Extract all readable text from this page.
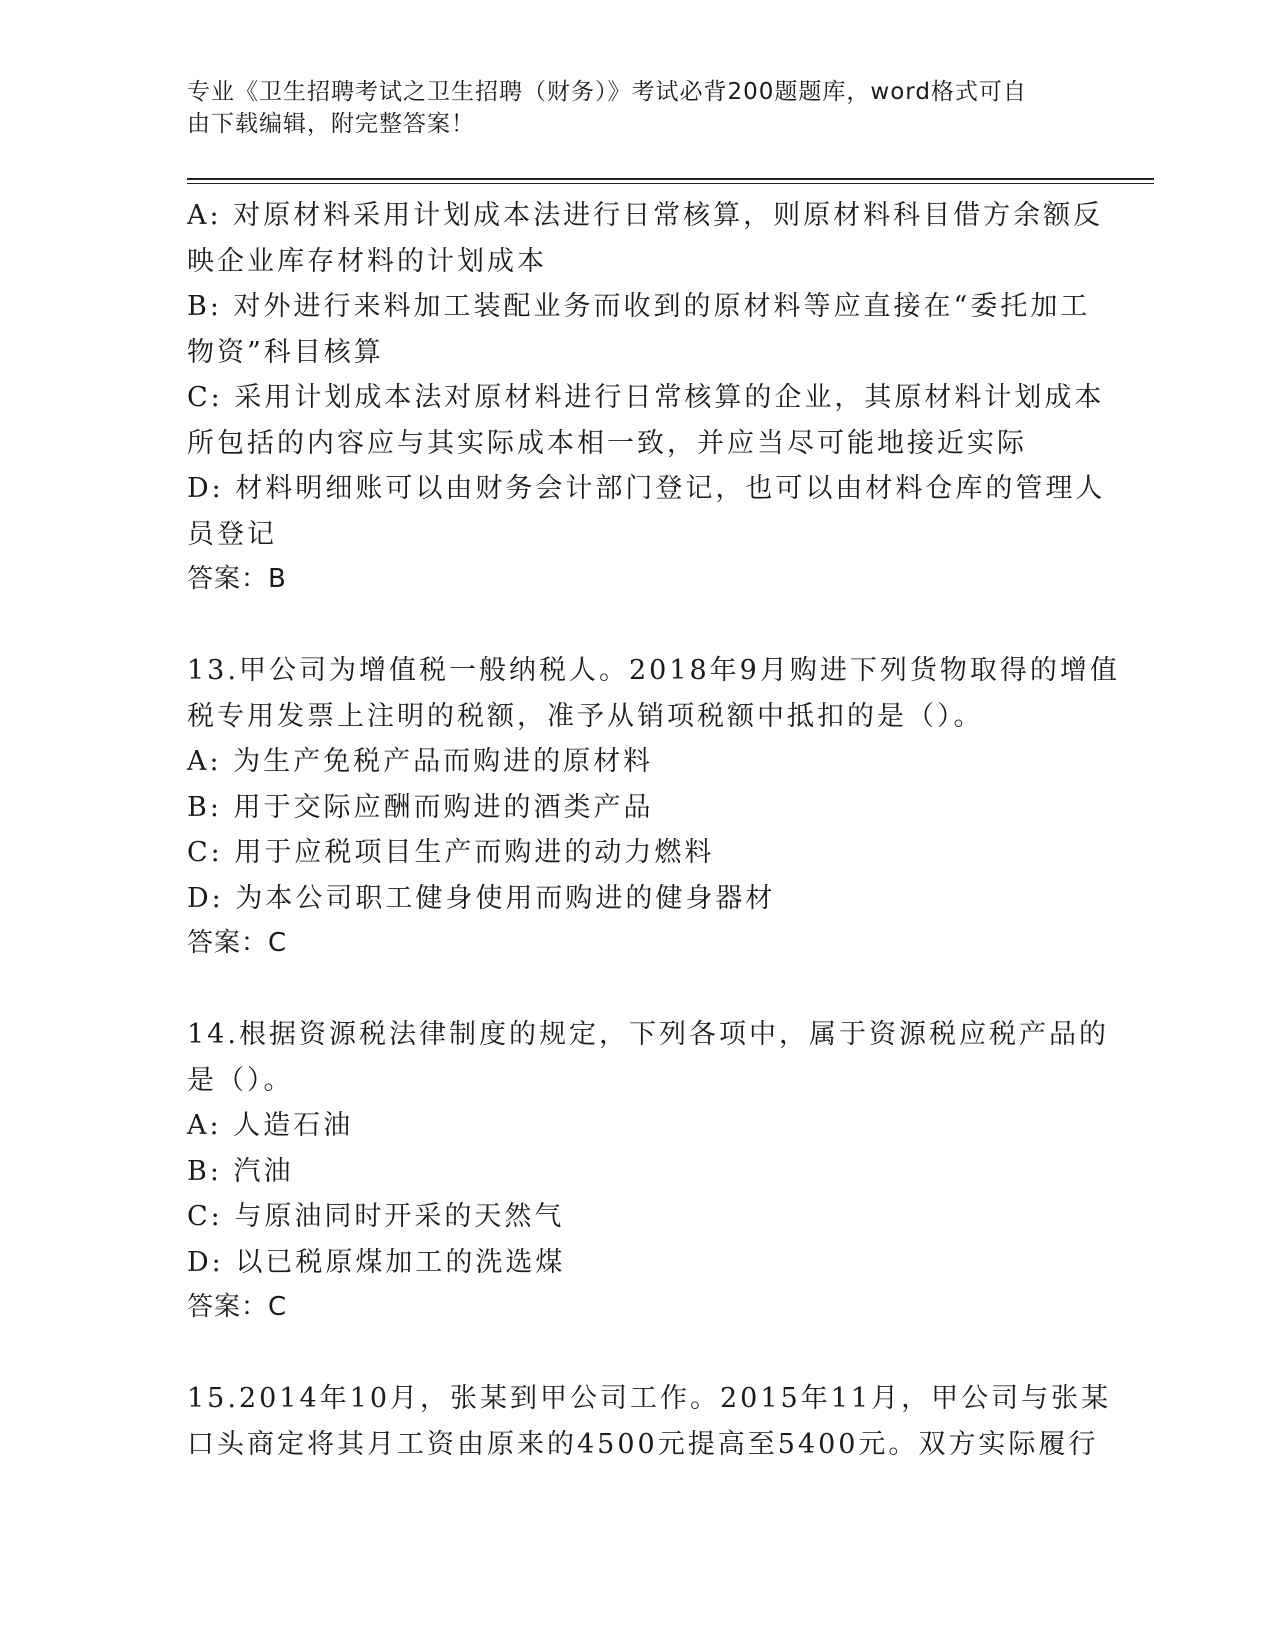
专业《卫生招聘考试之卫生招聘（财务）》考试必背200题题库，word格式可自
由下载编辑，附完整答案！
A: 对原材料采用计划成本法进行日常核算，则原材料科目借方余额反
映企业库存材料的计划成本
B: 对外进行来料加工装配业务而收到的原材料等应直接在“委托加工
物资”科目核算
C: 采用计划成本法对原材料进行日常核算的企业，其原材料计划成本
所包括的内容应与其实际成本相一致，并应当尽可能地接近实际
D: 材料明细账可以由财务会计部门登记，也可以由材料仓库的管理人
员登记
答案：B
13.甲公司为增值税一般纳税人。2018年9月购进下列货物取得的增值
税专用发票上注明的税额，准予从销项税额中抵扣的是（）。
A: 为生产免税产品而购进的原材料
B: 用于交际应酬而购进的酒类产品
C: 用于应税项目生产而购进的动力燃料
D: 为本公司职工健身使用而购进的健身器材
答案：C
14.根据资源税法律制度的规定，下列各项中，属于资源税应税产品的
是（）。
A: 人造石油
B: 汽油
C: 与原油同时开采的天然气
D: 以已税原煤加工的洗选煤
答案：C
15.2014年10月，张某到甲公司工作。2015年11月，甲公司与张某
口头商定将其月工资由原来的4500元提高至5400元。双方实际履行
